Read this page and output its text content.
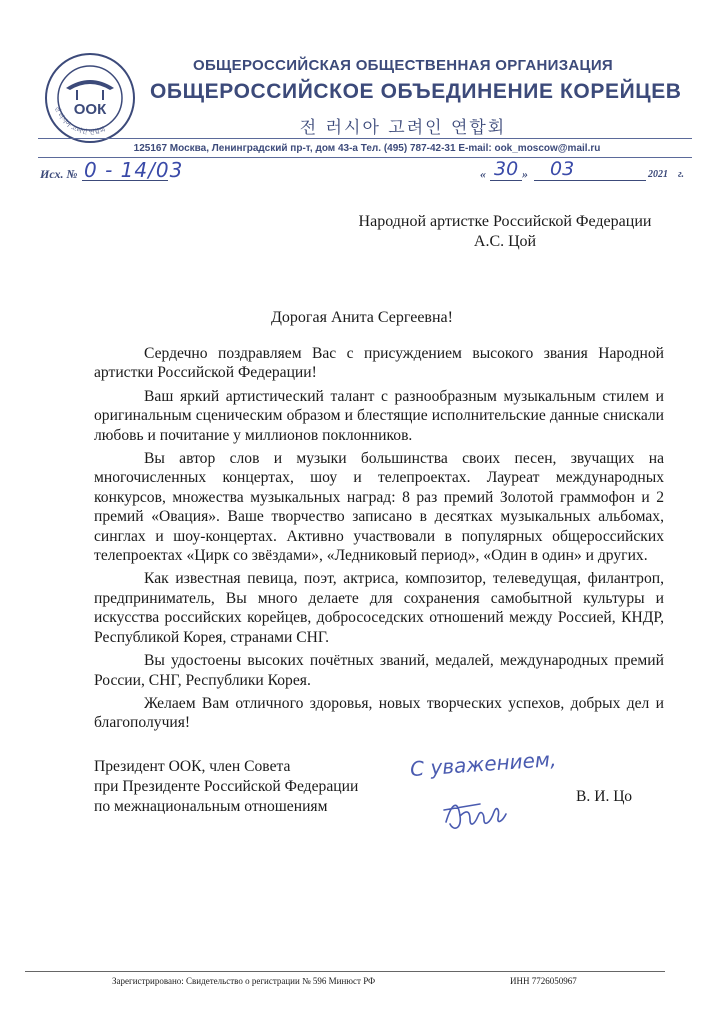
ООК
전 러시아 고려인 연합회
ОБЩЕРОССИЙСКАЯ ОБЩЕСТВЕННАЯ ОРГАНИЗАЦИЯ
ОБЩЕРОССИЙСКОЕ ОБЪЕДИНЕНИЕ КОРЕЙЦЕВ
전 러시아 고려인 연합회
125167 Москва, Ленинградский пр-т, дом 43-а Тел. (495) 787-42-31 E-mail: ook_moscow@mail.ru
Исх. № 0 - 14/03	« 30 » 03	2021 г.
Народной артистке Российской Федерации
А.С. Цой
Дорогая Анита Сергеевна!

Сердечно поздравляем Вас с присуждением высокого звания Народной артистки Российской Федерации!

Ваш яркий артистический талант с разнообразным музыкальным стилем и оригинальным сценическим образом и блестящие исполнительские данные снискали любовь и почитание у миллионов поклонников.

Вы автор слов и музыки большинства своих песен, звучащих на многочисленных концертах, шоу и телепроектах. Лауреат международных конкурсов, множества музыкальных наград: 8 раз премий Золотой граммофон и 2 премий «Овация». Ваше творчество записано в десятках музыкальных альбомах, синглах и шоу-концертах. Активно участвовали в популярных общероссийских телепроектах «Цирк со звёздами», «Ледниковый период», «Один в один» и других.

Как известная певица, поэт, актриса, композитор, телеведущая, филантроп, предприниматель, Вы много делаете для сохранения самобытной культуры и искусства российских корейцев, добрососедских отношений между Россией, КНДР, Республикой Корея, странами СНГ.

Вы удостоены высоких почётных званий, медалей, международных премий России, СНГ, Республики Корея.

Желаем Вам отличного здоровья, новых творческих успехов, добрых дел и благополучия!

Президент ООК, член Совета
при Президенте Российской Федерации
по межнациональным отношениям
С уважением,
В. И. Цо
Зарегистрировано: Свидетельство о регистрации № 596 Минюст РФ	ИНН 7726050967
